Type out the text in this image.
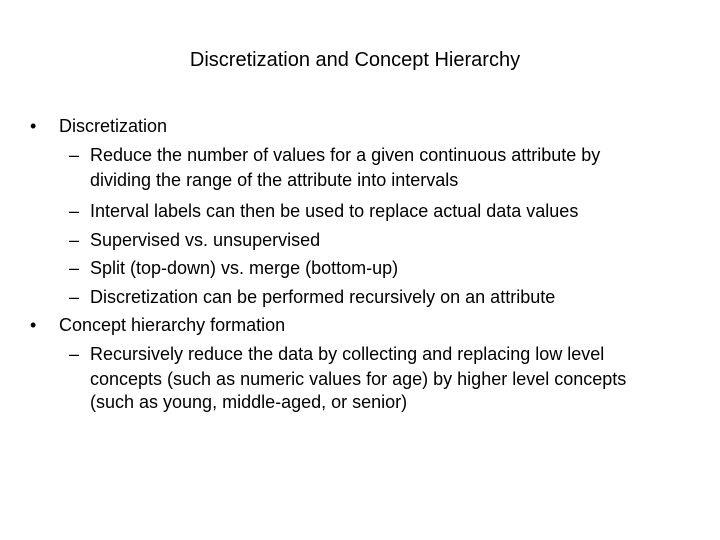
Discretization and Concept Hierarchy
• Discretization
– Reduce the number of values for a given continuous attribute by
dividing the range of the attribute into intervals
– Interval labels can then be used to replace actual data values
– Supervised vs. unsupervised
– Split (top-down) vs. merge (bottom-up)
– Discretization can be performed recursively on an attribute
• Concept hierarchy formation
– Recursively reduce the data by collecting and replacing low level
concepts (such as numeric values for age) by higher level concepts
(such as young, middle-aged, or senior)
